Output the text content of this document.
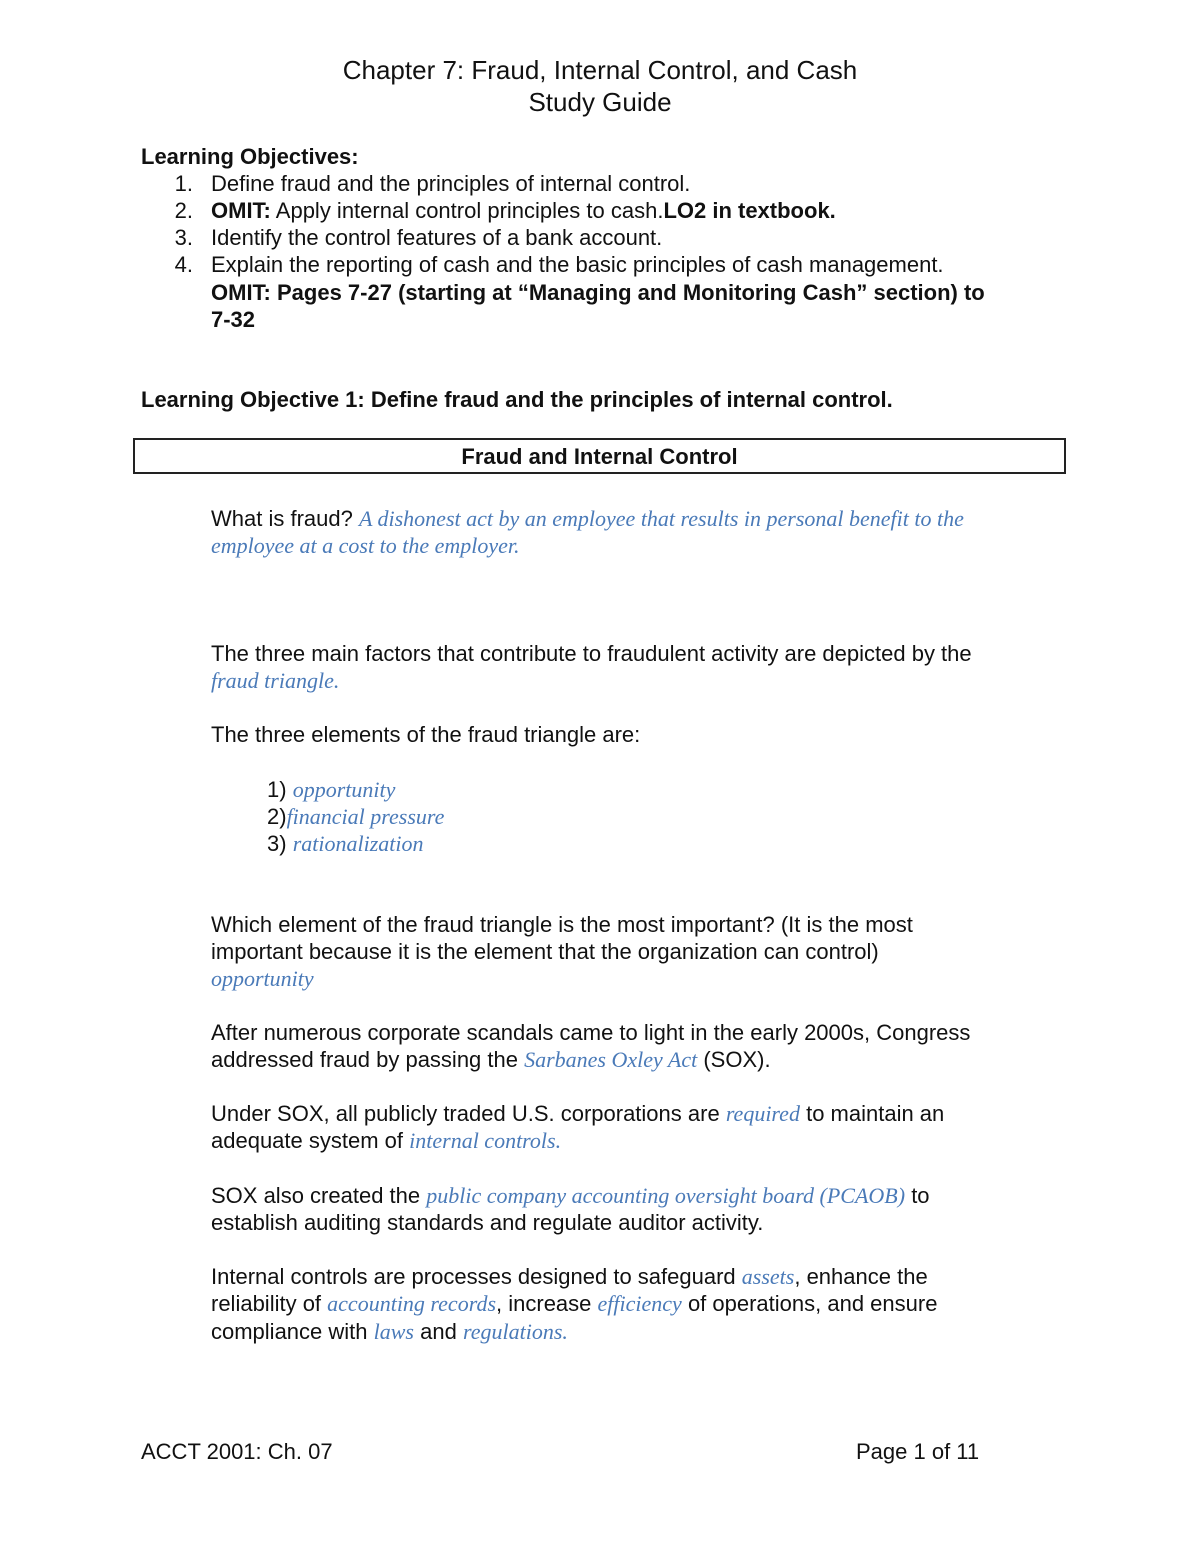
Chapter 7: Fraud, Internal Control, and Cash
Study Guide
Learning Objectives:
1. Define fraud and the principles of internal control.
2. OMIT: Apply internal control principles to cash.LO2 in textbook.
3. Identify the control features of a bank account.
4. Explain the reporting of cash and the basic principles of cash management.
OMIT: Pages 7-27 (starting at “Managing and Monitoring Cash” section) to
7-32
Learning Objective 1: Define fraud and the principles of internal control.
Fraud and Internal Control
What is fraud? A dishonest act by an employee that results in personal benefit to the
employee at a cost to the employer.
The three main factors that contribute to fraudulent activity are depicted by the
fraud triangle.
The three elements of the fraud triangle are:
1) opportunity
2)financial pressure
3) rationalization
Which element of the fraud triangle is the most important? (It is the most
important because it is the element that the organization can control)
opportunity
After numerous corporate scandals came to light in the early 2000s, Congress
addressed fraud by passing the Sarbanes Oxley Act (SOX).
Under SOX, all publicly traded U.S. corporations are required to maintain an
adequate system of internal controls.
SOX also created the public company accounting oversight board (PCAOB) to
establish auditing standards and regulate auditor activity.
Internal controls are processes designed to safeguard assets, enhance the
reliability of accounting records, increase efficiency of operations, and ensure
compliance with laws and regulations.
ACCT 2001: Ch. 07	Page 1 of 11
